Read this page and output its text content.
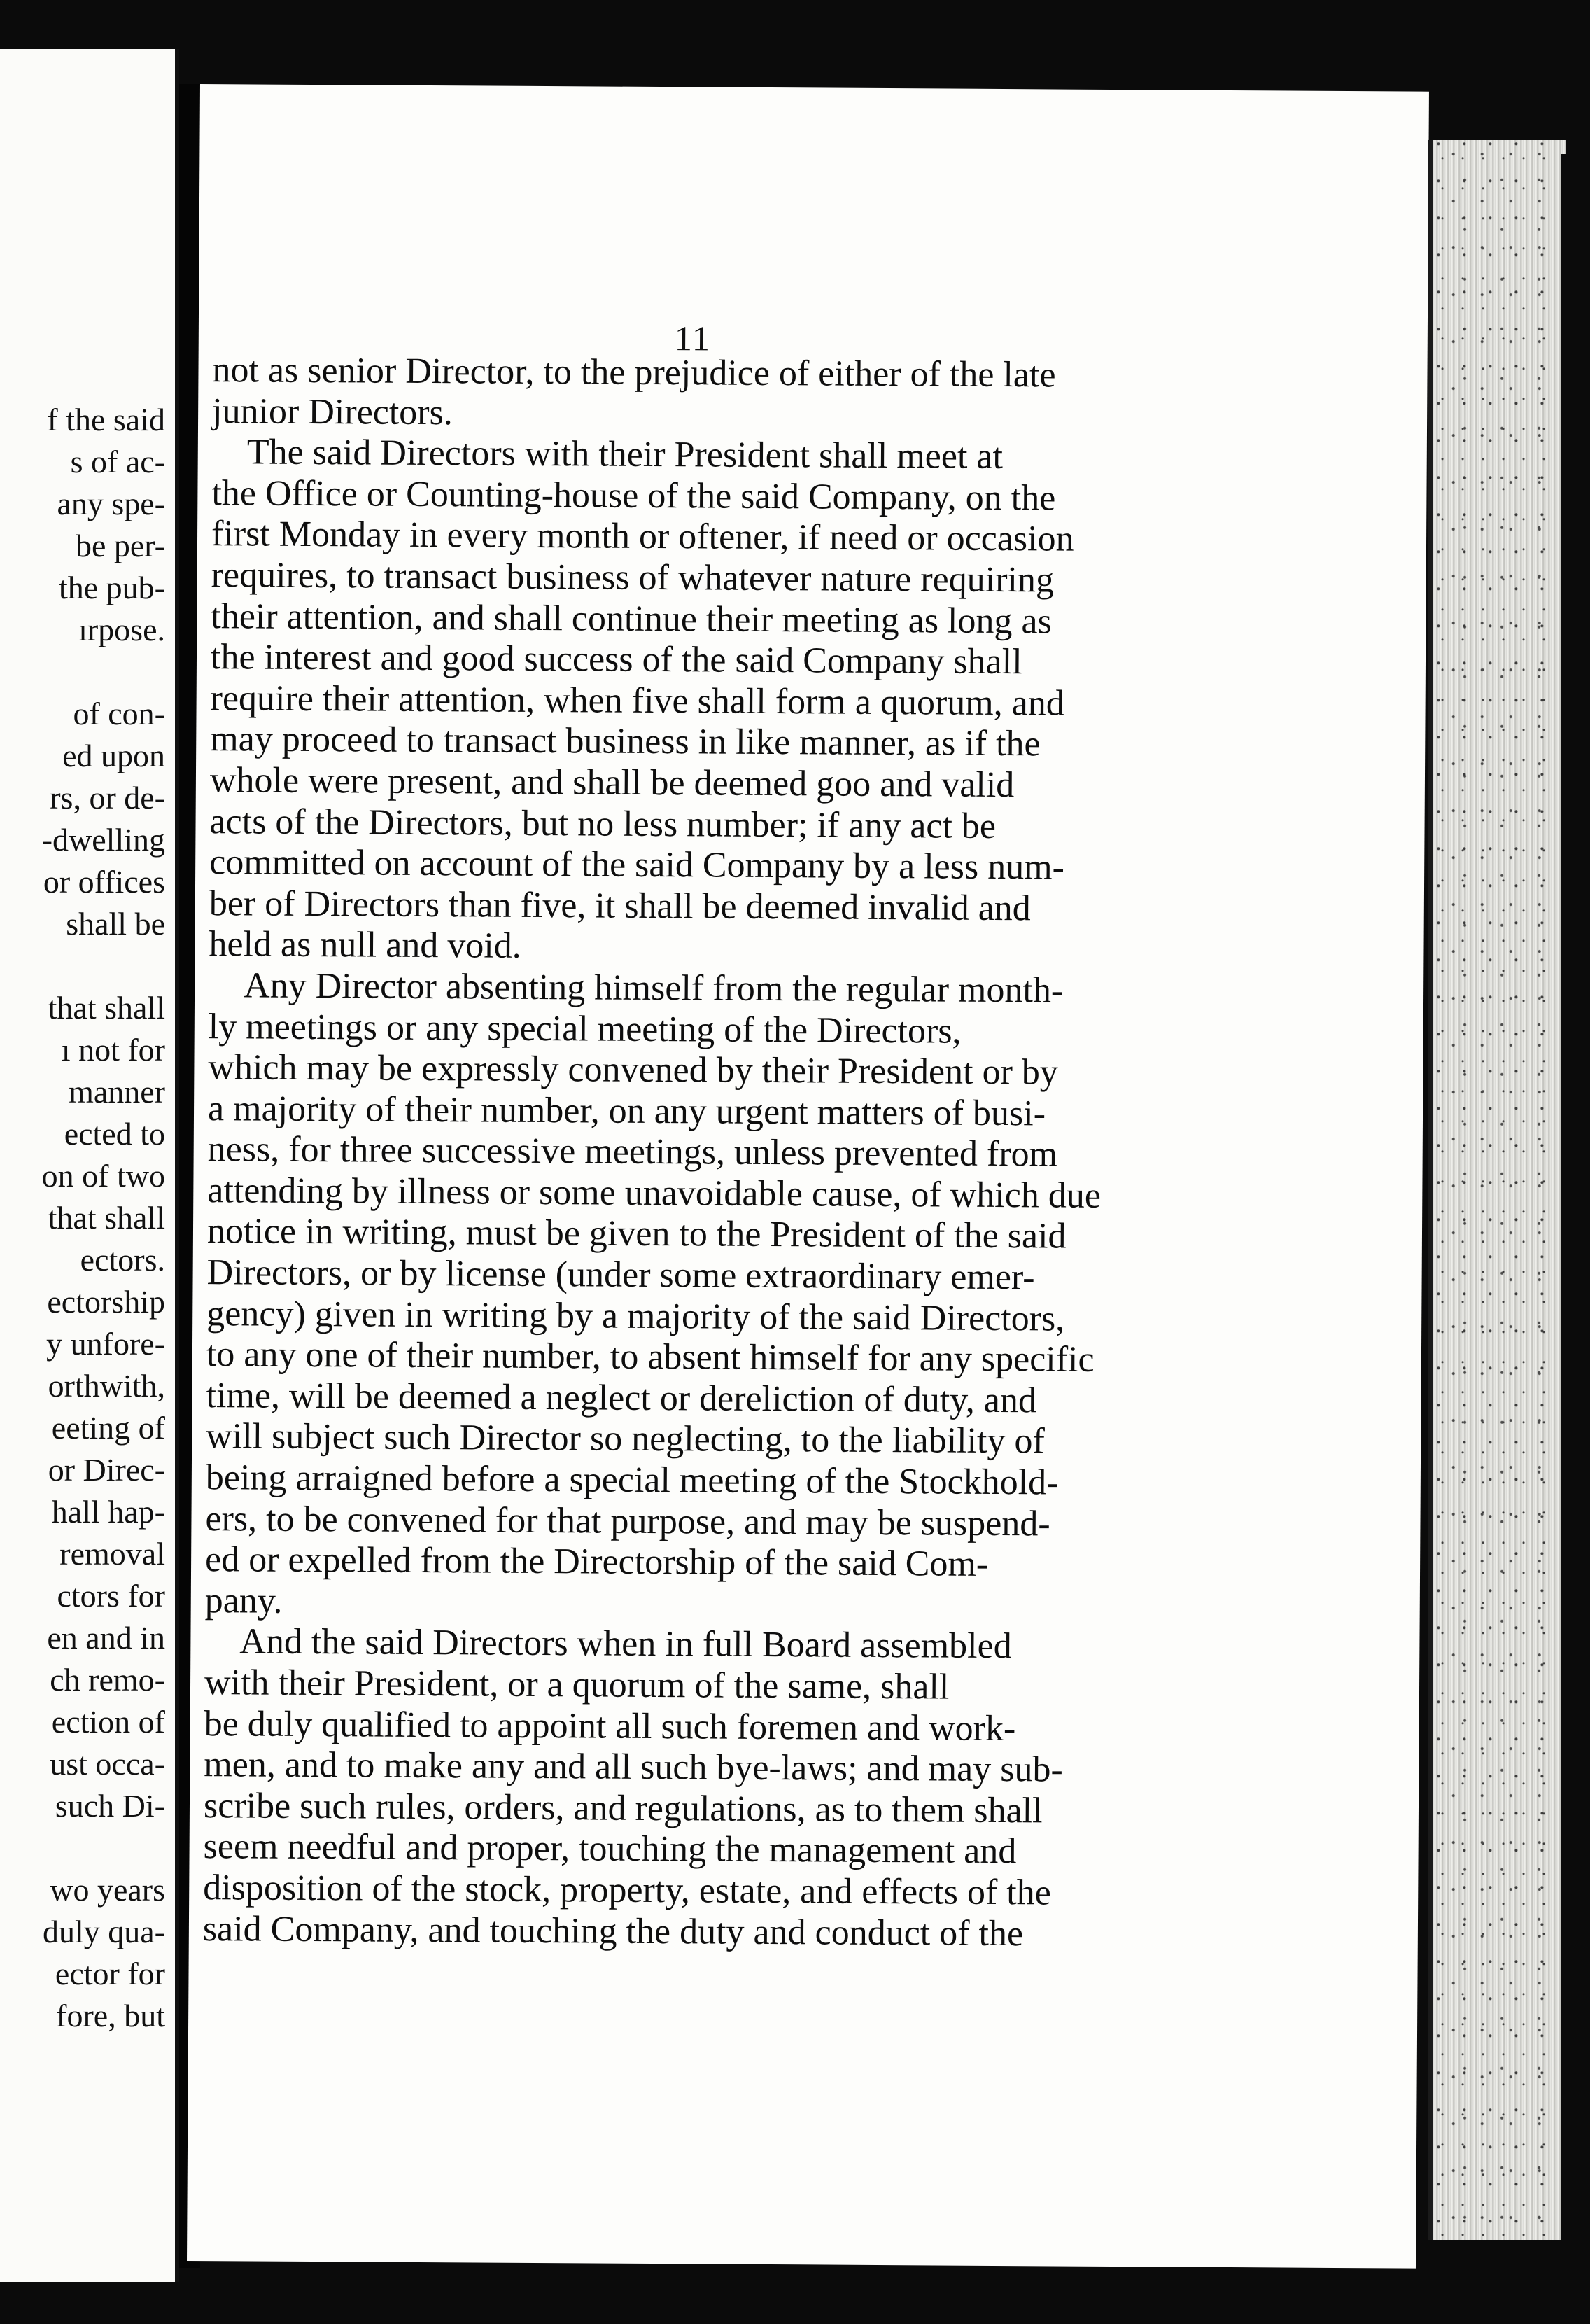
f the said
s of ac-
any spe-
be per-
the pub-
ırpose.
of con-
ed upon
rs, or de-
-dwelling
or offices
shall be
that shall
ı not for
manner
ected to
on of two
that shall
ectors.
ectorship
y unfore-
orthwith,
eeting of
or Direc-
hall hap-
removal
ctors for
en and in
ch remo-
ection of
ust occa-
such Di-
wo years
duly qua-
ector for
fore, but
11
not as senior Director, to the prejudice of either of the late
junior Directors.
The said Directors with their President shall meet at
the Office or Counting-house of the said Company, on the
first Monday in every month or oftener, if need or occasion
requires, to transact business of whatever nature requiring
their attention, and shall continue their meeting as long as
the interest and good success of the said Company shall
require their attention, when five shall form a quorum, and
may proceed to transact business in like manner, as if the
whole were present, and shall be deemed goo and valid
acts of the Directors, but no less number; if any act be
committed on account of the said Company by a less num-
ber of Directors than five, it shall be deemed invalid and
held as null and void.
Any Director absenting himself from the regular month-
ly meetings or any special meeting of the Directors,
which may be expressly convened by their President or by
a majority of their number, on any urgent matters of busi-
ness, for three successive meetings, unless prevented from
attending by illness or some unavoidable cause, of which due
notice in writing, must be given to the President of the said
Directors, or by license (under some extraordinary emer-
gency) given in writing by a majority of the said Directors,
to any one of their number, to absent himself for any specific
time, will be deemed a neglect or dereliction of duty, and
will subject such Director so neglecting, to the liability of
being arraigned before a special meeting of the Stockhold-
ers, to be convened for that purpose, and may be suspend-
ed or expelled from the Directorship of the said Com-
pany.
And the said Directors when in full Board assembled
with their President, or a quorum of the same, shall
be duly qualified to appoint all such foremen and work-
men, and to make any and all such bye-laws; and may sub-
scribe such rules, orders, and regulations, as to them shall
seem needful and proper, touching the management and
disposition of the stock, property, estate, and effects of the
said Company, and touching the duty and conduct of the
